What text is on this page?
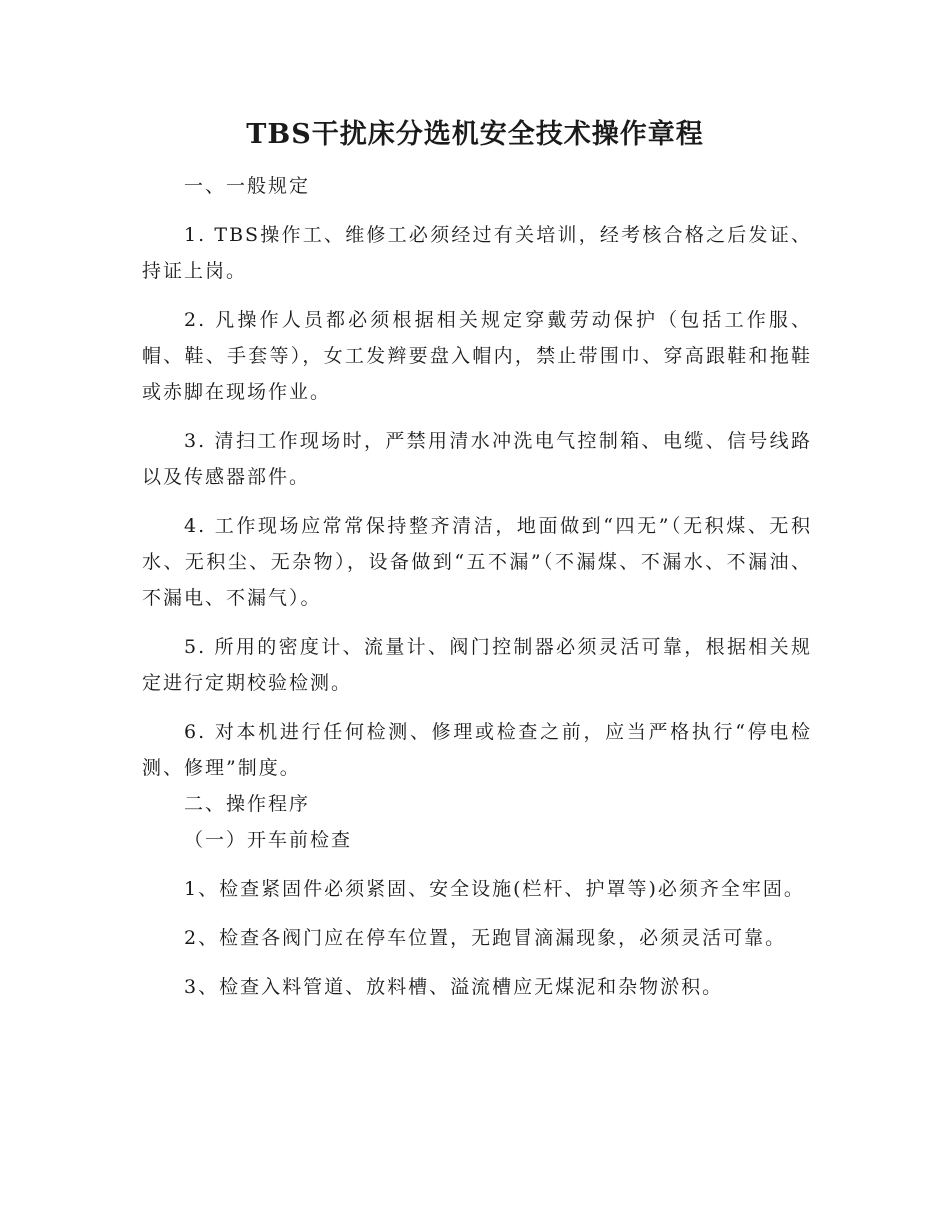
TBS干扰床分选机安全技术操作章程

一、一般规定

1. TBS操作工、维修工必须经过有关培训，经考核合格之后发证、持证上岗。

2. 凡操作人员都必须根据相关规定穿戴劳动保护（包括工作服、帽、鞋、手套等），女工发辫要盘入帽内，禁止带围巾、穿高跟鞋和拖鞋或赤脚在现场作业。

3. 清扫工作现场时，严禁用清水冲洗电气控制箱、电缆、信号线路以及传感器部件。

4. 工作现场应常常保持整齐清洁，地面做到“四无”（无积煤、无积水、无积尘、无杂物），设备做到“五不漏”（不漏煤、不漏水、不漏油、不漏电、不漏气）。

5. 所用的密度计、流量计、阀门控制器必须灵活可靠，根据相关规定进行定期校验检测。

6. 对本机进行任何检测、修理或检查之前，应当严格执行“停电检测、修理”制度。

二、操作程序

（一）开车前检查

1、检查紧固件必须紧固、安全设施(栏杆、护罩等)必须齐全牢固。

2、检查各阀门应在停车位置，无跑冒滴漏现象，必须灵活可靠。

3、检查入料管道、放料槽、溢流槽应无煤泥和杂物淤积。
